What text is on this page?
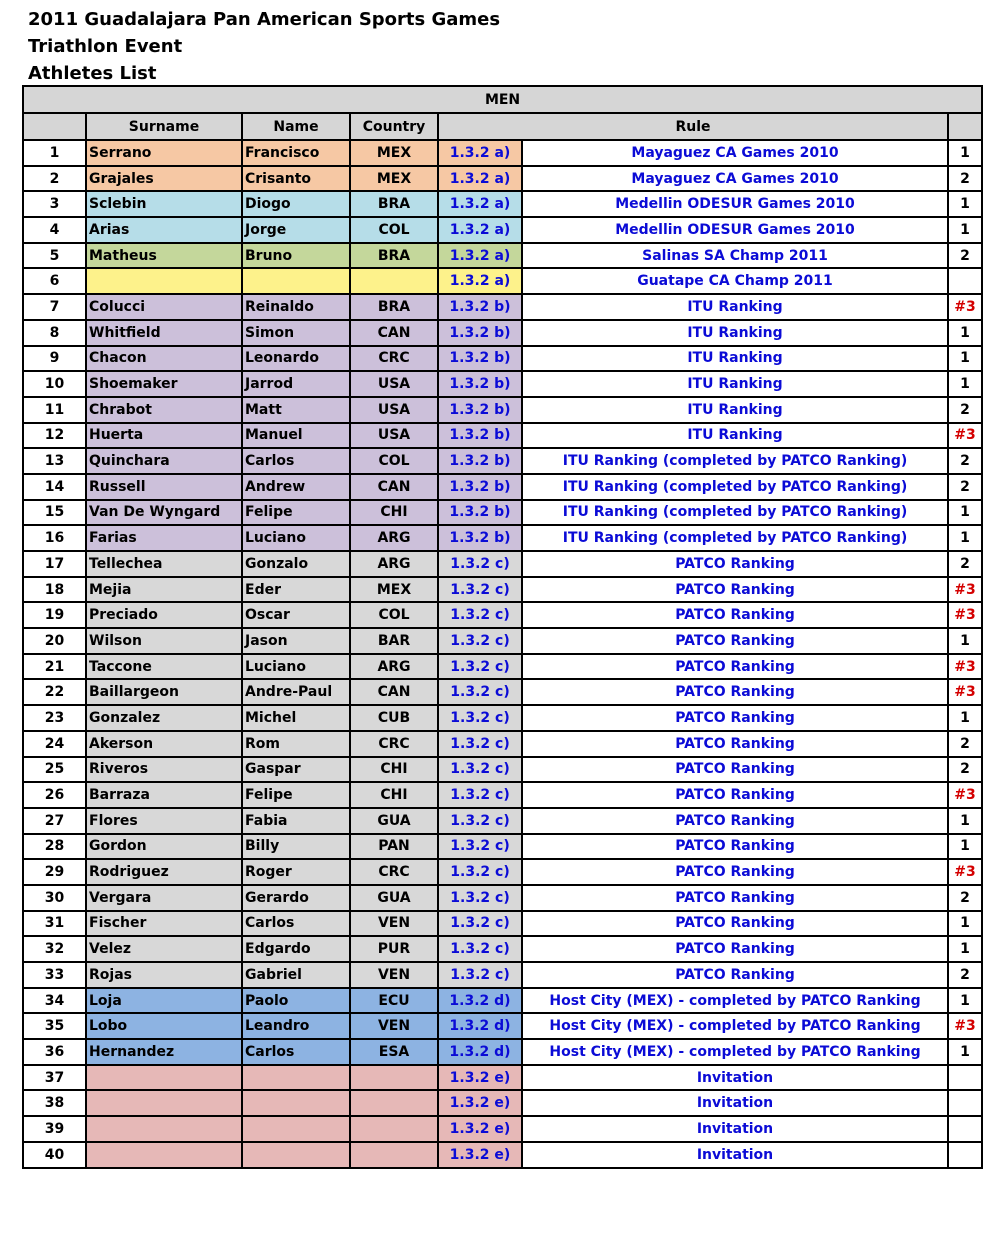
2011 Guadalajara Pan American Sports Games
Triathlon Event
Athletes List
MEN						
	Surname	Name	Country	Rule		
1	Serrano	Francisco	MEX	1.3.2 a)	Mayaguez CA Games 2010	1
2	Grajales	Crisanto	MEX	1.3.2 a)	Mayaguez CA Games 2010	2
3	Sclebin	Diogo	BRA	1.3.2 a)	Medellin ODESUR Games 2010	1
4	Arias	Jorge	COL	1.3.2 a)	Medellin ODESUR Games 2010	1
5	Matheus	Bruno	BRA	1.3.2 a)	Salinas SA Champ 2011	2
6				1.3.2 a)	Guatape CA Champ 2011	
7	Colucci	Reinaldo	BRA	1.3.2 b)	ITU Ranking	#3
8	Whitfield	Simon	CAN	1.3.2 b)	ITU Ranking	1
9	Chacon	Leonardo	CRC	1.3.2 b)	ITU Ranking	1
10	Shoemaker	Jarrod	USA	1.3.2 b)	ITU Ranking	1
11	Chrabot	Matt	USA	1.3.2 b)	ITU Ranking	2
12	Huerta	Manuel	USA	1.3.2 b)	ITU Ranking	#3
13	Quinchara	Carlos	COL	1.3.2 b)	ITU Ranking (completed by PATCO Ranking)	2
14	Russell	Andrew	CAN	1.3.2 b)	ITU Ranking (completed by PATCO Ranking)	2
15	Van De Wyngard	Felipe	CHI	1.3.2 b)	ITU Ranking (completed by PATCO Ranking)	1
16	Farias	Luciano	ARG	1.3.2 b)	ITU Ranking (completed by PATCO Ranking)	1
17	Tellechea	Gonzalo	ARG	1.3.2 c)	PATCO Ranking	2
18	Mejia	Eder	MEX	1.3.2 c)	PATCO Ranking	#3
19	Preciado	Oscar	COL	1.3.2 c)	PATCO Ranking	#3
20	Wilson	Jason	BAR	1.3.2 c)	PATCO Ranking	1
21	Taccone	Luciano	ARG	1.3.2 c)	PATCO Ranking	#3
22	Baillargeon	Andre-Paul	CAN	1.3.2 c)	PATCO Ranking	#3
23	Gonzalez	Michel	CUB	1.3.2 c)	PATCO Ranking	1
24	Akerson	Rom	CRC	1.3.2 c)	PATCO Ranking	2
25	Riveros	Gaspar	CHI	1.3.2 c)	PATCO Ranking	2
26	Barraza	Felipe	CHI	1.3.2 c)	PATCO Ranking	#3
27	Flores	Fabia	GUA	1.3.2 c)	PATCO Ranking	1
28	Gordon	Billy	PAN	1.3.2 c)	PATCO Ranking	1
29	Rodriguez	Roger	CRC	1.3.2 c)	PATCO Ranking	#3
30	Vergara	Gerardo	GUA	1.3.2 c)	PATCO Ranking	2
31	Fischer	Carlos	VEN	1.3.2 c)	PATCO Ranking	1
32	Velez	Edgardo	PUR	1.3.2 c)	PATCO Ranking	1
33	Rojas	Gabriel	VEN	1.3.2 c)	PATCO Ranking	2
34	Loja	Paolo	ECU	1.3.2 d)	Host City (MEX) - completed by PATCO Ranking	1
35	Lobo	Leandro	VEN	1.3.2 d)	Host City (MEX) - completed by PATCO Ranking	#3
36	Hernandez	Carlos	ESA	1.3.2 d)	Host City (MEX) - completed by PATCO Ranking	1
37				1.3.2 e)	Invitation	
38				1.3.2 e)	Invitation	
39				1.3.2 e)	Invitation	
40				1.3.2 e)	Invitation	
